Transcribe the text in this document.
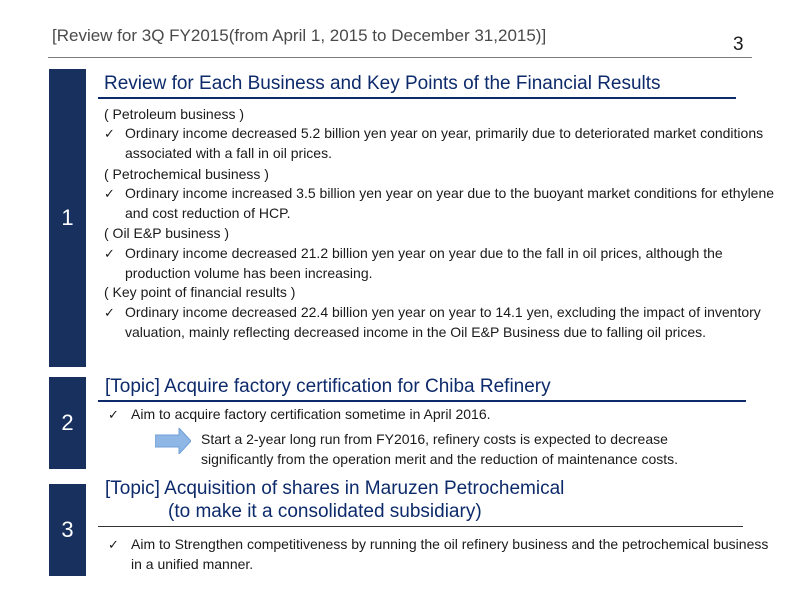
[Review for 3Q FY2015(from April 1, 2015 to December 31,2015)]	3
1
Review for Each Business and Key Points of the Financial Results
( Petroleum business )
✓ Ordinary income decreased 5.2 billion yen year on year, primarily due to deteriorated market conditions associated with a fall in oil prices.
( Petrochemical business )
✓ Ordinary income increased 3.5 billion yen year on year due to the buoyant market conditions for ethylene and cost reduction of HCP.
( Oil E&P business )
✓ Ordinary income decreased 21.2 billion yen year on year due to the fall in oil prices, although the production volume has been increasing.
( Key point of financial results )
✓ Ordinary income decreased 22.4 billion yen year on year to 14.1 yen, excluding the impact of inventory valuation, mainly reflecting decreased income in the Oil E&P Business due to falling oil prices.
2
[Topic] Acquire factory certification for Chiba Refinery
✓ Aim to acquire factory certification sometime in April 2016.
Start a 2-year long run from FY2016, refinery costs is expected to decrease significantly from the operation merit and the reduction of maintenance costs.
3
[Topic] Acquisition of shares in Maruzen Petrochemical
(to make it a consolidated subsidiary)
✓ Aim to Strengthen competitiveness by running the oil refinery business and the petrochemical business in a unified manner.
